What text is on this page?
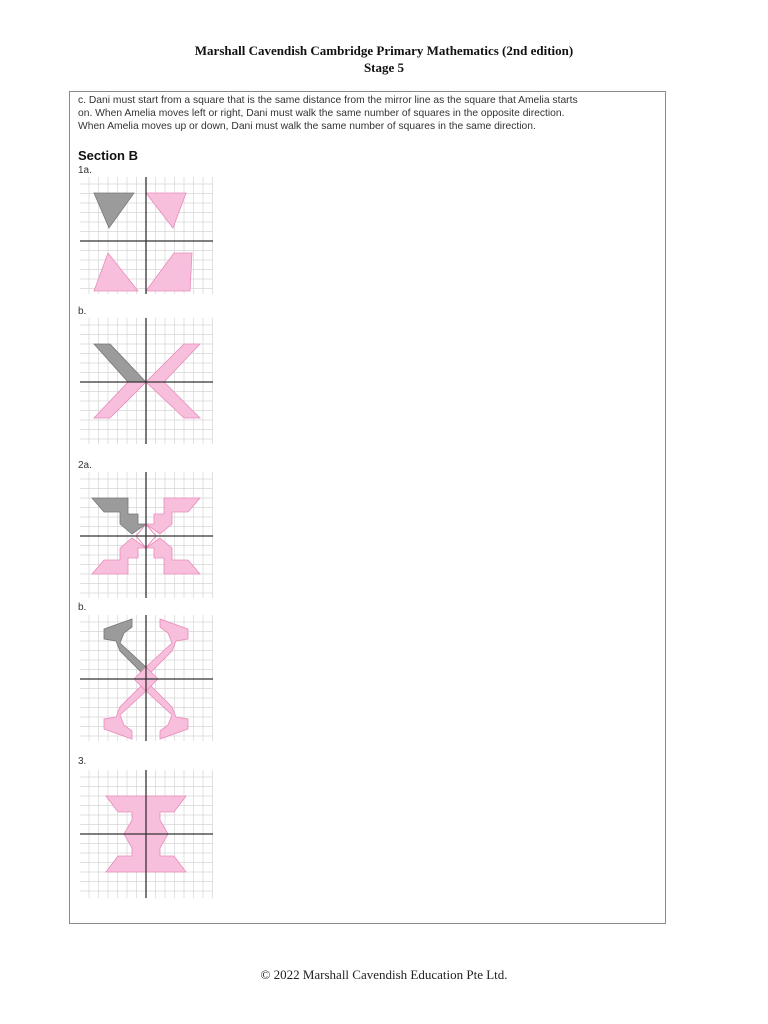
Marshall Cavendish Cambridge Primary Mathematics (2nd edition)
Stage 5
c. Dani must start from a square that is the same distance from the mirror line as the square that Amelia starts
on. When Amelia moves left or right, Dani must walk the same number of squares in the opposite direction.
When Amelia moves up or down, Dani must walk the same number of squares in the same direction.
Section B
1a.
b.
2a.
b.
3.
© 2022 Marshall Cavendish Education Pte Ltd.
